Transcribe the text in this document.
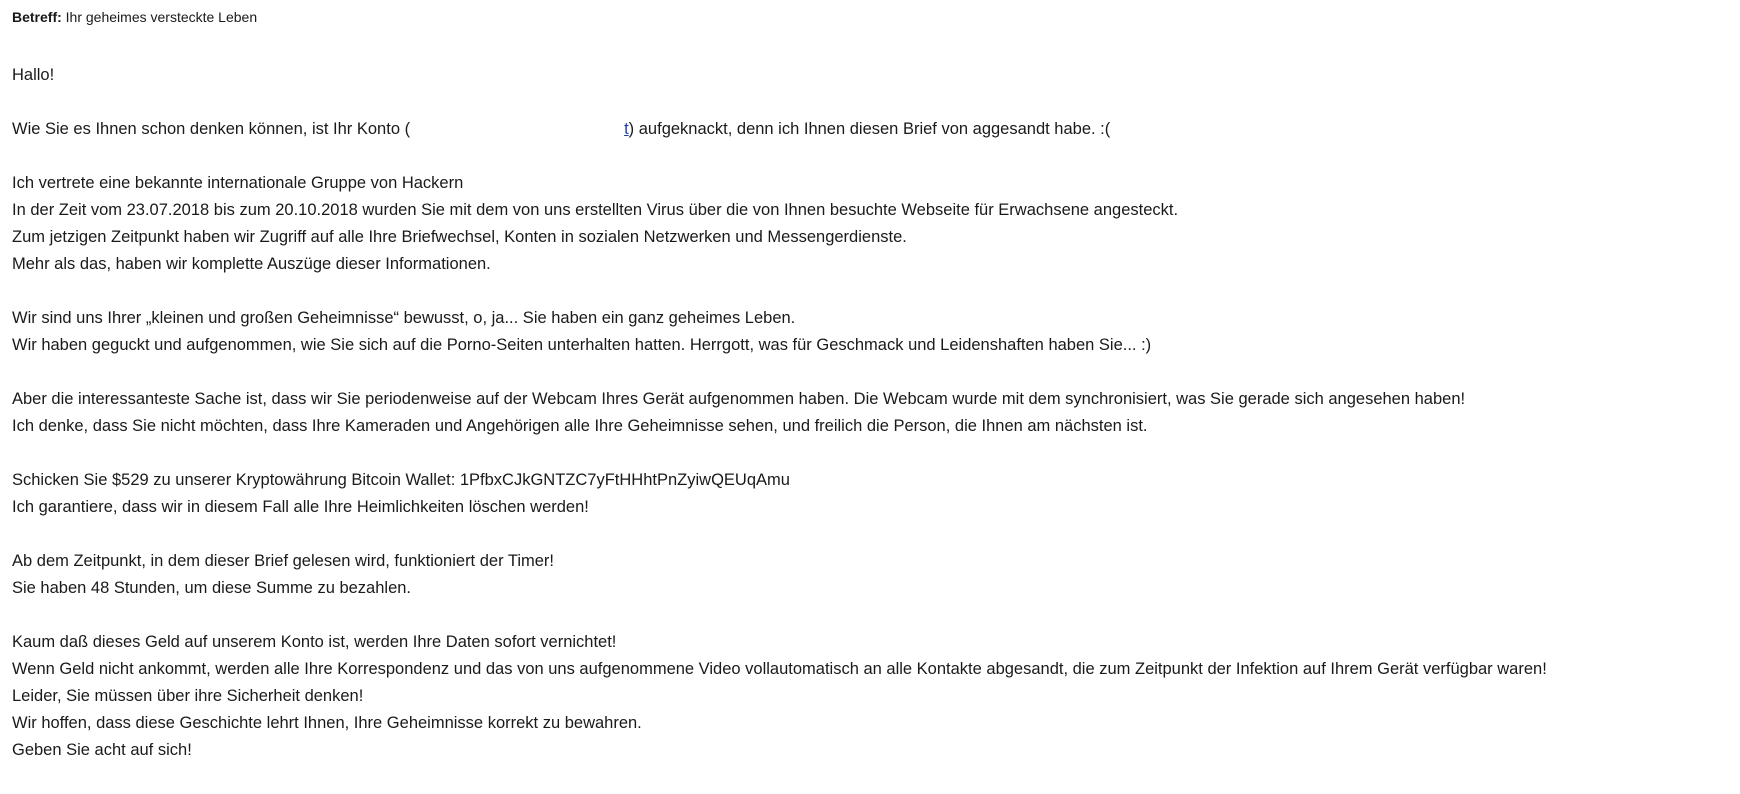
Betreff: Ihr geheimes versteckte Leben
Hallo!
Wie Sie es Ihnen schon denken können, ist Ihr Konto (	t) aufgeknackt, denn ich Ihnen diesen Brief von aggesandt habe. :(
Ich vertrete eine bekannte internationale Gruppe von Hackern
In der Zeit vom 23.07.2018 bis zum 20.10.2018 wurden Sie mit dem von uns erstellten Virus über die von Ihnen besuchte Webseite für Erwachsene angesteckt.
Zum jetzigen Zeitpunkt haben wir Zugriff auf alle Ihre Briefwechsel, Konten in sozialen Netzwerken und Messengerdienste.
Mehr als das, haben wir komplette Auszüge dieser Informationen.
Wir sind uns Ihrer „kleinen und großen Geheimnisse“ bewusst, o, ja... Sie haben ein ganz geheimes Leben.
Wir haben geguckt und aufgenommen, wie Sie sich auf die Porno-Seiten unterhalten hatten. Herrgott, was für Geschmack und Leidenshaften haben Sie... :)
Aber die interessanteste Sache ist, dass wir Sie periodenweise auf der Webcam Ihres Gerät aufgenommen haben. Die Webcam wurde mit dem synchronisiert, was Sie gerade sich angesehen haben!
Ich denke, dass Sie nicht möchten, dass Ihre Kameraden und Angehörigen alle Ihre Geheimnisse sehen, und freilich die Person, die Ihnen am nächsten ist.
Schicken Sie $529 zu unserer Kryptowährung Bitcoin Wallet: 1PfbxCJkGNTZC7yFtHHhtPnZyiwQEUqAmu
Ich garantiere, dass wir in diesem Fall alle Ihre Heimlichkeiten löschen werden!
Ab dem Zeitpunkt, in dem dieser Brief gelesen wird, funktioniert der Timer!
Sie haben 48 Stunden, um diese Summe zu bezahlen.
Kaum daß dieses Geld auf unserem Konto ist, werden Ihre Daten sofort vernichtet!
Wenn Geld nicht ankommt, werden alle Ihre Korrespondenz und das von uns aufgenommene Video vollautomatisch an alle Kontakte abgesandt, die zum Zeitpunkt der Infektion auf Ihrem Gerät verfügbar waren!
Leider, Sie müssen über ihre Sicherheit denken!
Wir hoffen, dass diese Geschichte lehrt Ihnen, Ihre Geheimnisse korrekt zu bewahren.
Geben Sie acht auf sich!
